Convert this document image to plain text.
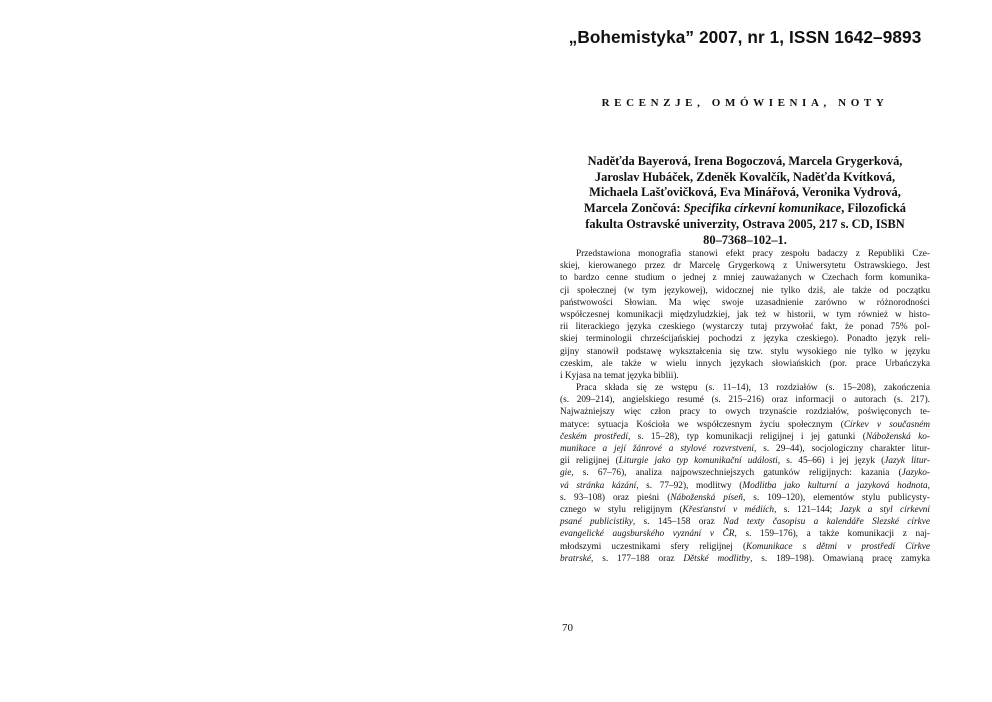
„Bohemistyka” 2007, nr 1, ISSN 1642–9893
RECENZJE, OMÓWIENIA, NOTY
Naděťda Bayerová, Irena Bogoczová, Marcela Grygerková,
Jaroslav Hubáček, Zdeněk Kovalčík, Naděťda Kvítková,
Michaela Lašťovičková, Eva Minářová, Veronika Vydrová,
Marcela Zončová: Specifika církevní komunikace, Filozofická
fakulta Ostravské univerzity, Ostrava 2005, 217 s. CD, ISBN
80–7368–102–1.
Przedstawiona monografia stanowi efekt pracy zespołu badaczy z Republiki Cze-
skiej, kierowanego przez dr Marcelę Grygerkową z Uniwersytetu Ostrawskiego. Jest
to bardzo cenne studium o jednej z mniej zauważanych w Czechach form komunika-
cji społecznej (w tym językowej), widocznej nie tylko dziś, ale także od początku
państwowości Słowian. Ma więc swoje uzasadnienie zarówno w różnorodności
współczesnej komunikacji międzyludzkiej, jak też w historii, w tym również w histo-
rii literackiego języka czeskiego (wystarczy tutaj przywołać fakt, że ponad 75% pol-
skiej terminologii chrześcijańskiej pochodzi z języka czeskiego). Ponadto język reli-
gijny stanowił podstawę wykształcenia się tzw. stylu wysokiego nie tylko w języku
czeskim, ale także w wielu innych językach słowiańskich (por. prace Urbańczyka
i Kyjasa na temat języka biblii).
Praca składa się ze wstępu (s. 11–14), 13 rozdziałów (s. 15–208), zakończenia
(s. 209–214), angielskiego resumé (s. 215–216) oraz informacji o autorach (s. 217).
Najważniejszy więc człon pracy to owych trzynaście rozdziałów, poświęconych te-
matyce: sytuacja Kościoła we współczesnym życiu społecznym (Církev v současném
českém prostředí, s. 15–28), typ komunikacji religijnej i jej gatunki (Náboženská ko-
munikace a její žánrové a stylové rozvrstvení, s. 29–44), socjologiczny charakter litur-
gii religijnej (Liturgie jako typ komunikační události, s. 45–66) i jej język (Jazyk litur-
gie, s. 67–76), analiza najpowszechniejszych gatunków religijnych: kazania (Jazyko-
vá stránka kázání, s. 77–92), modlitwy (Modlitba jako kulturní a jazyková hodnota,
s. 93–108) oraz pieśni (Náboženská píseň, s. 109–120), elementów stylu publicysty-
cznego w stylu religijnym (Křesťanství v médiích, s. 121–144; Jazyk a styl církevní
psané publicistiky, s. 145–158 oraz Nad texty časopisu a kalendáře Slezské církve
evangelické augsburského vyznání v ČR, s. 159–176), a także komunikacji z naj-
młodszymi uczestnikami sfery religijnej (Komunikace s dětmi v prostředí Církve
bratrské, s. 177–188 oraz Dětské modlitby, s. 189–198). Omawianą pracę zamyka
70
